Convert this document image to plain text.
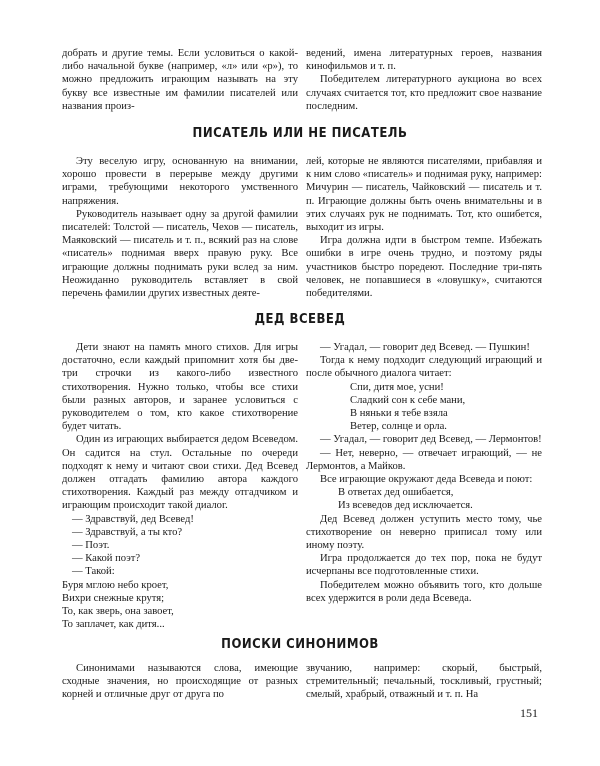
добрать и другие темы. Если условиться о какой-либо начальной букве (например, «л» или «р»), то можно предложить играющим называть на эту букву все известные им фамилии писателей или названия произ-

ведений, имена литературных героев, названия кинофильмов и т. п.

Победителем литературного аукциона во всех случаях считается тот, кто предложит свое название последним.

ПИСАТЕЛЬ ИЛИ НЕ ПИСАТЕЛЬ

Эту веселую игру, основанную на внимании, хорошо провести в перерыве между другими играми, требующими некоторого умственного напряжения.

Руководитель называет одну за другой фамилии писателей: Толстой — писатель, Чехов — писатель, Маяковский — писатель и т. п., всякий раз на слове «писатель» поднимая вверх правую руку. Все играющие должны поднимать руки вслед за ним. Неожиданно руководитель вставляет в свой перечень фамилии других известных деяте-

лей, которые не являются писателями, прибавляя и к ним слово «писатель» и поднимая руку, например: Мичурин — писатель, Чайковский — писатель и т. п. Играющие должны быть очень внимательны и в этих случаях рук не поднимать. Тот, кто ошибется, выходит из игры.

Игра должна идти в быстром темпе. Избежать ошибки в игре очень трудно, и поэтому ряды участников быстро поредеют. Последние три-пять человек, не попавшиеся в «ловушку», считаются победителями.

ДЕД ВСЕВЕД

Дети знают на память много стихов. Для игры достаточно, если каждый припомнит хотя бы две-три строчки из какого-либо известного стихотворения. Нужно только, чтобы все стихи были разных авторов, и заранее условиться с руководителем о том, кто какое стихотворение будет читать.

Один из играющих выбирается дедом Всеведом. Он садится на стул. Остальные по очереди подходят к нему и читают свои стихи. Дед Всевед должен отгадать фамилию автора каждого стихотворения. Каждый раз между отгадчиком и играющим происходит такой диалог.

— Здравствуй, дед Всевед!

— Здравствуй, а ты кто?

— Поэт.

— Какой поэт?

— Такой:

Буря мглою небо кроет,

Вихри снежные крутя;

То, как зверь, она завоет,

То заплачет, как дитя...

— Угадал, — говорит дед Всевед. — Пушкин!

Тогда к нему подходит следующий играющий и после обычного диалога читает:

Спи, дитя мое, усни!

Сладкий сон к себе мани,

В няньки я тебе взяла

Ветер, солнце и орла.

— Угадал, — говорит дед Всевед, — Лермонтов!

— Нет, неверно, — отвечает играющий, — не Лермонтов, а Майков.

Все играющие окружают деда Всеведа и поют:

В ответах дед ошибается,

Из всеведов дед исключается.

Дед Всевед должен уступить место тому, чье стихотворение он неверно приписал тому или иному поэту.

Игра продолжается до тех пор, пока не будут исчерпаны все подготовленные стихи.

Победителем можно объявить того, кто дольше всех удержится в роли деда Всеведа.

ПОИСКИ СИНОНИМОВ

Синонимами называются слова, имеющие сходные значения, но происходящие от разных корней и отличные друг от друга по

звучанию, например: скорый, быстрый, стремительный; печальный, тоскливый, грустный; смелый, храбрый, отважный и т. п. На

151
